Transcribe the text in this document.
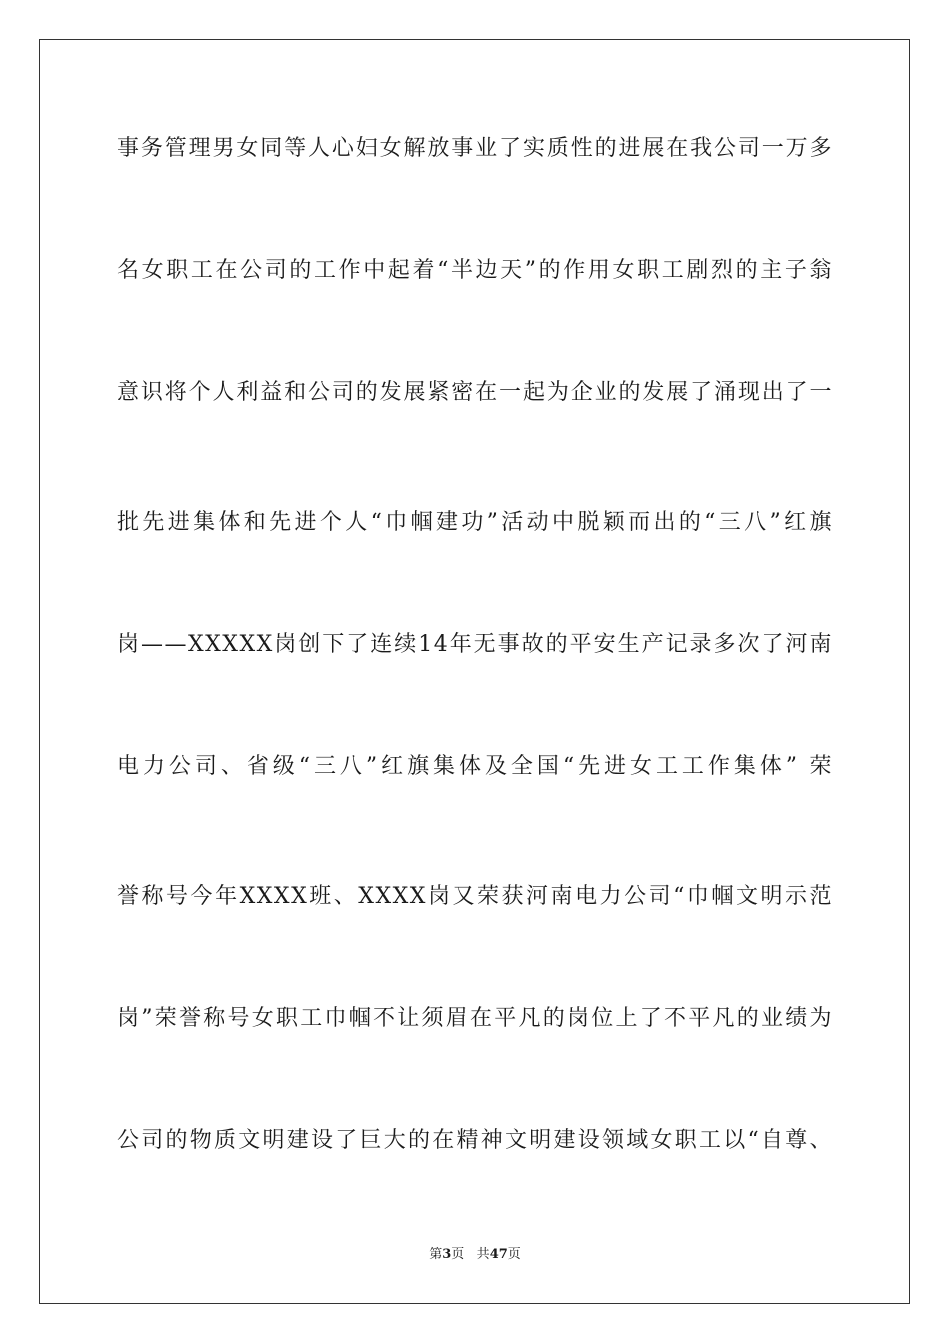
事务管理男女同等人心妇女解放事业了实质性的进展在我公司一万多
名女职工在公司的工作中起着“半边天”的作用女职工剧烈的主子翁
意识将个人利益和公司的发展紧密在一起为企业的发展了涌现出了一
批先进集体和先进个人“巾帼建功”活动中脱颖而出的“三八”红旗
岗——XXXXX岗创下了连续14年无事故的平安生产记录多次了河南
电力公司、省级“三八”红旗集体及全国“先进女工工作集体” 荣
誉称号今年XXXX班、XXXX岗又荣获河南电力公司“巾帼文明示范
岗”荣誉称号女职工巾帼不让须眉在平凡的岗位上了不平凡的业绩为
公司的物质文明建设了巨大的在精神文明建设领域女职工以“自尊、
第3页 共47页
